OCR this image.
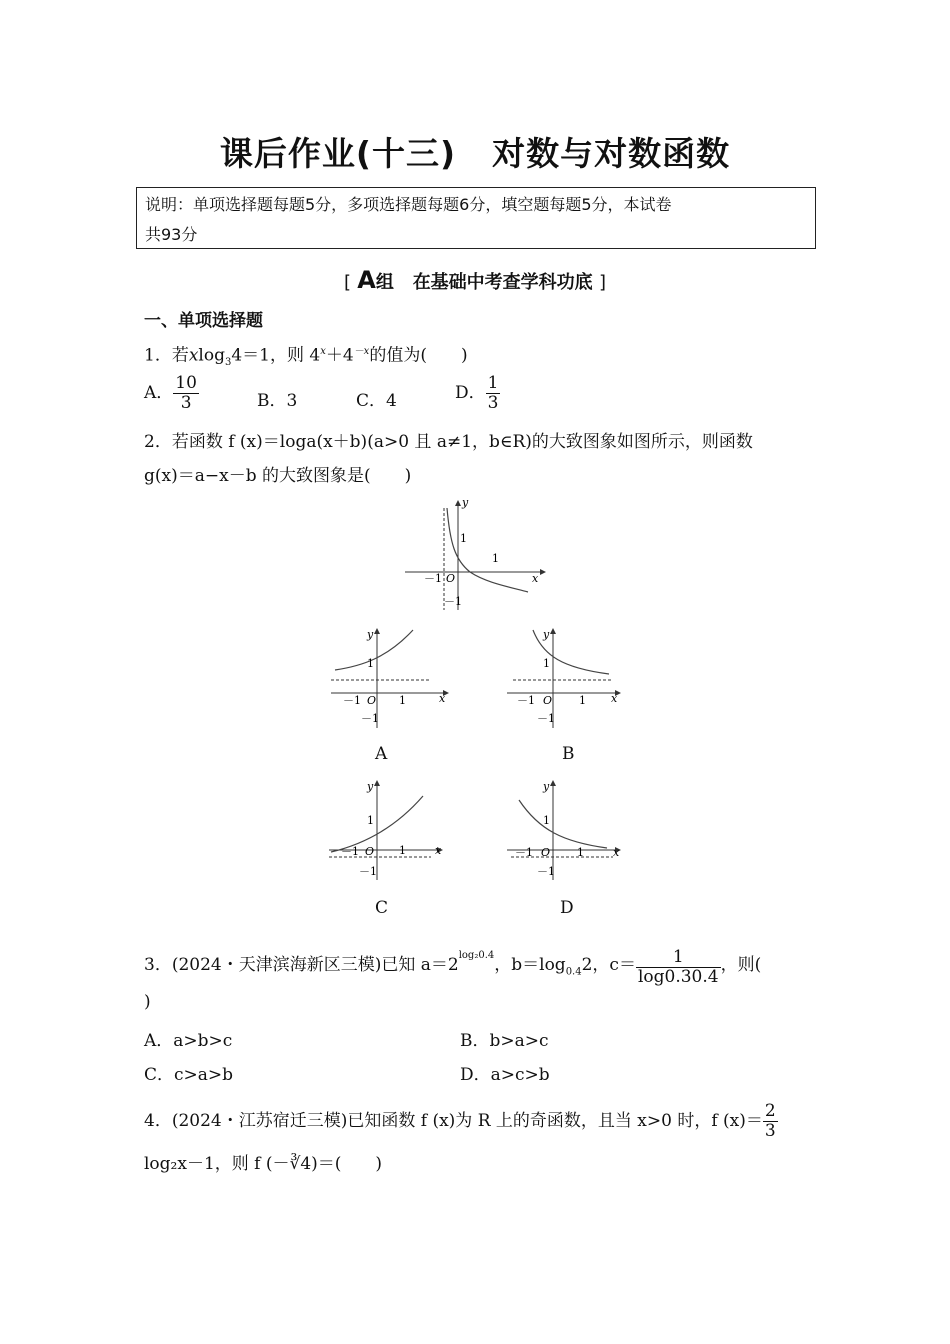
课后作业(十三) 对数与对数函数
说明：单项选择题每题5分，多项选择题每题6分，填空题每题5分，本试卷
共93分
[ A组 在基础中考查学科功底 ]
一、单项选择题
1．若xlog$_3$4＝1，则 $4^x+4^{-x}$的值为(　　)
A． $\frac{10}{3}$	B．3	C．4	D． $\frac{1}{3}$
2．若函数 f (x)＝loga(x＋b)(a>0 且 a≠1，b∈R)的大致图象如图所示，则函数
g(x)＝a−x－b 的大致图象是(　　)
y
x
1
1
－1 O
－1
y
x
1
1
－1 O
－1
A
y
x
1
1
－1 O
－1
B
y
x
1
1
－1 O
－1
C
y
x
1
1
－1 O
－1
D
3．(2024・天津滨海新区三模)已知 $a=2^{log_20.4}$，$b=\log_{0.4}2$，$c= \frac{1}{\log 0.30.4}$ ，则(
)
A．a>b>c	B．b>a>c
C．c>a>b	D．a>c>b
4．(2024・江苏宿迁三模)已知函数 f (x)为 R 上的奇函数，且当 x>0 时，f $(x)= \frac{2}{3}$
log₂x－1，则 f (－∛4)＝(　　)
